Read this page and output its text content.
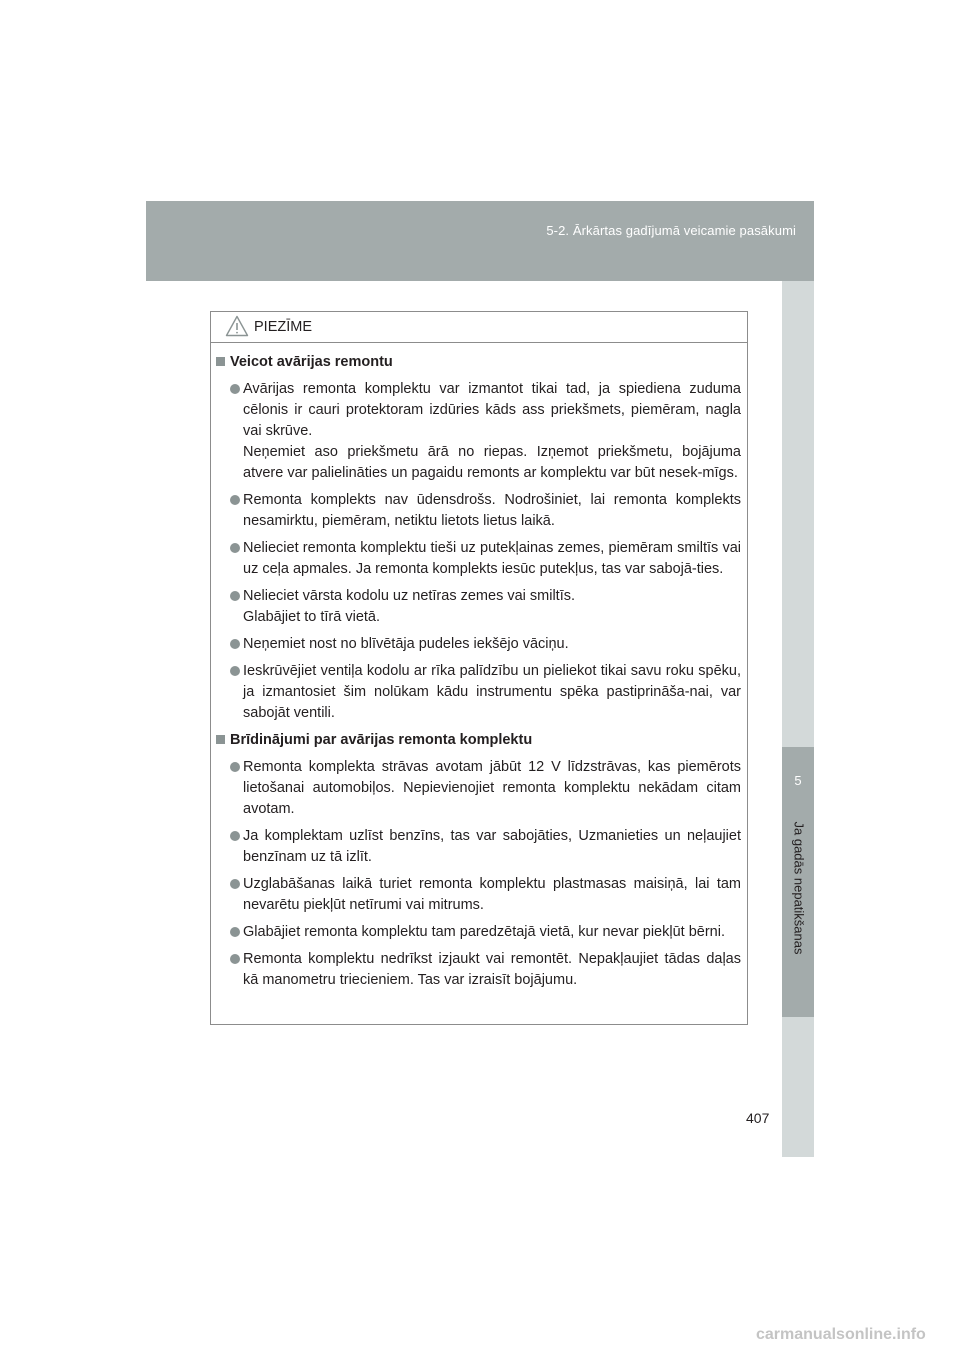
5-2. Ārkārtas gadījumā veicamie pasākumi
5
Ja gadās nepatikšanas
PIEZĪME
Veicot avārijas remontu
Avārijas remonta komplektu var izmantot tikai tad, ja spiediena zuduma cēlonis ir cauri protektoram izdūries kāds ass priekšmets, piemēram, nagla vai skrūve.
Neņemiet aso priekšmetu ārā no riepas. Izņemot priekšmetu, bojājuma atvere var palielināties un pagaidu remonts ar komplektu var būt nesek-mīgs.
Remonta komplekts nav ūdensdrošs. Nodrošiniet, lai remonta komplekts nesamirktu, piemēram, netiktu lietots lietus laikā.
Nelieciet remonta komplektu tieši uz putekļainas zemes, piemēram smiltīs vai uz ceļa apmales. Ja remonta komplekts iesūc putekļus, tas var sabojā-ties.
Nelieciet vārsta kodolu uz netīras zemes vai smiltīs.
Glabājiet to tīrā vietā.
Neņemiet nost no blīvētāja pudeles iekšējo vāciņu.
Ieskrūvējiet ventiļa kodolu ar rīka palīdzību un pieliekot tikai savu roku spēku, ja izmantosiet šim nolūkam kādu instrumentu spēka pastiprināša-nai, var sabojāt ventili.
Brīdinājumi par avārijas remonta komplektu
Remonta komplekta strāvas avotam jābūt 12 V līdzstrāvas, kas piemērots lietošanai automobiļos. Nepievienojiet remonta komplektu nekādam citam avotam.
Ja komplektam uzlīst benzīns, tas var sabojāties, Uzmanieties un neļaujiet benzīnam uz tā izlīt.
Uzglabāšanas laikā turiet remonta komplektu plastmasas maisiņā, lai tam nevarētu piekļūt netīrumi vai mitrums.
Glabājiet remonta komplektu tam paredzētajā vietā, kur nevar piekļūt bērni.
Remonta komplektu nedrīkst izjaukt vai remontēt. Nepakļaujiet tādas daļas kā manometru triecieniem. Tas var izraisīt bojājumu.
407
carmanualsonline.info
